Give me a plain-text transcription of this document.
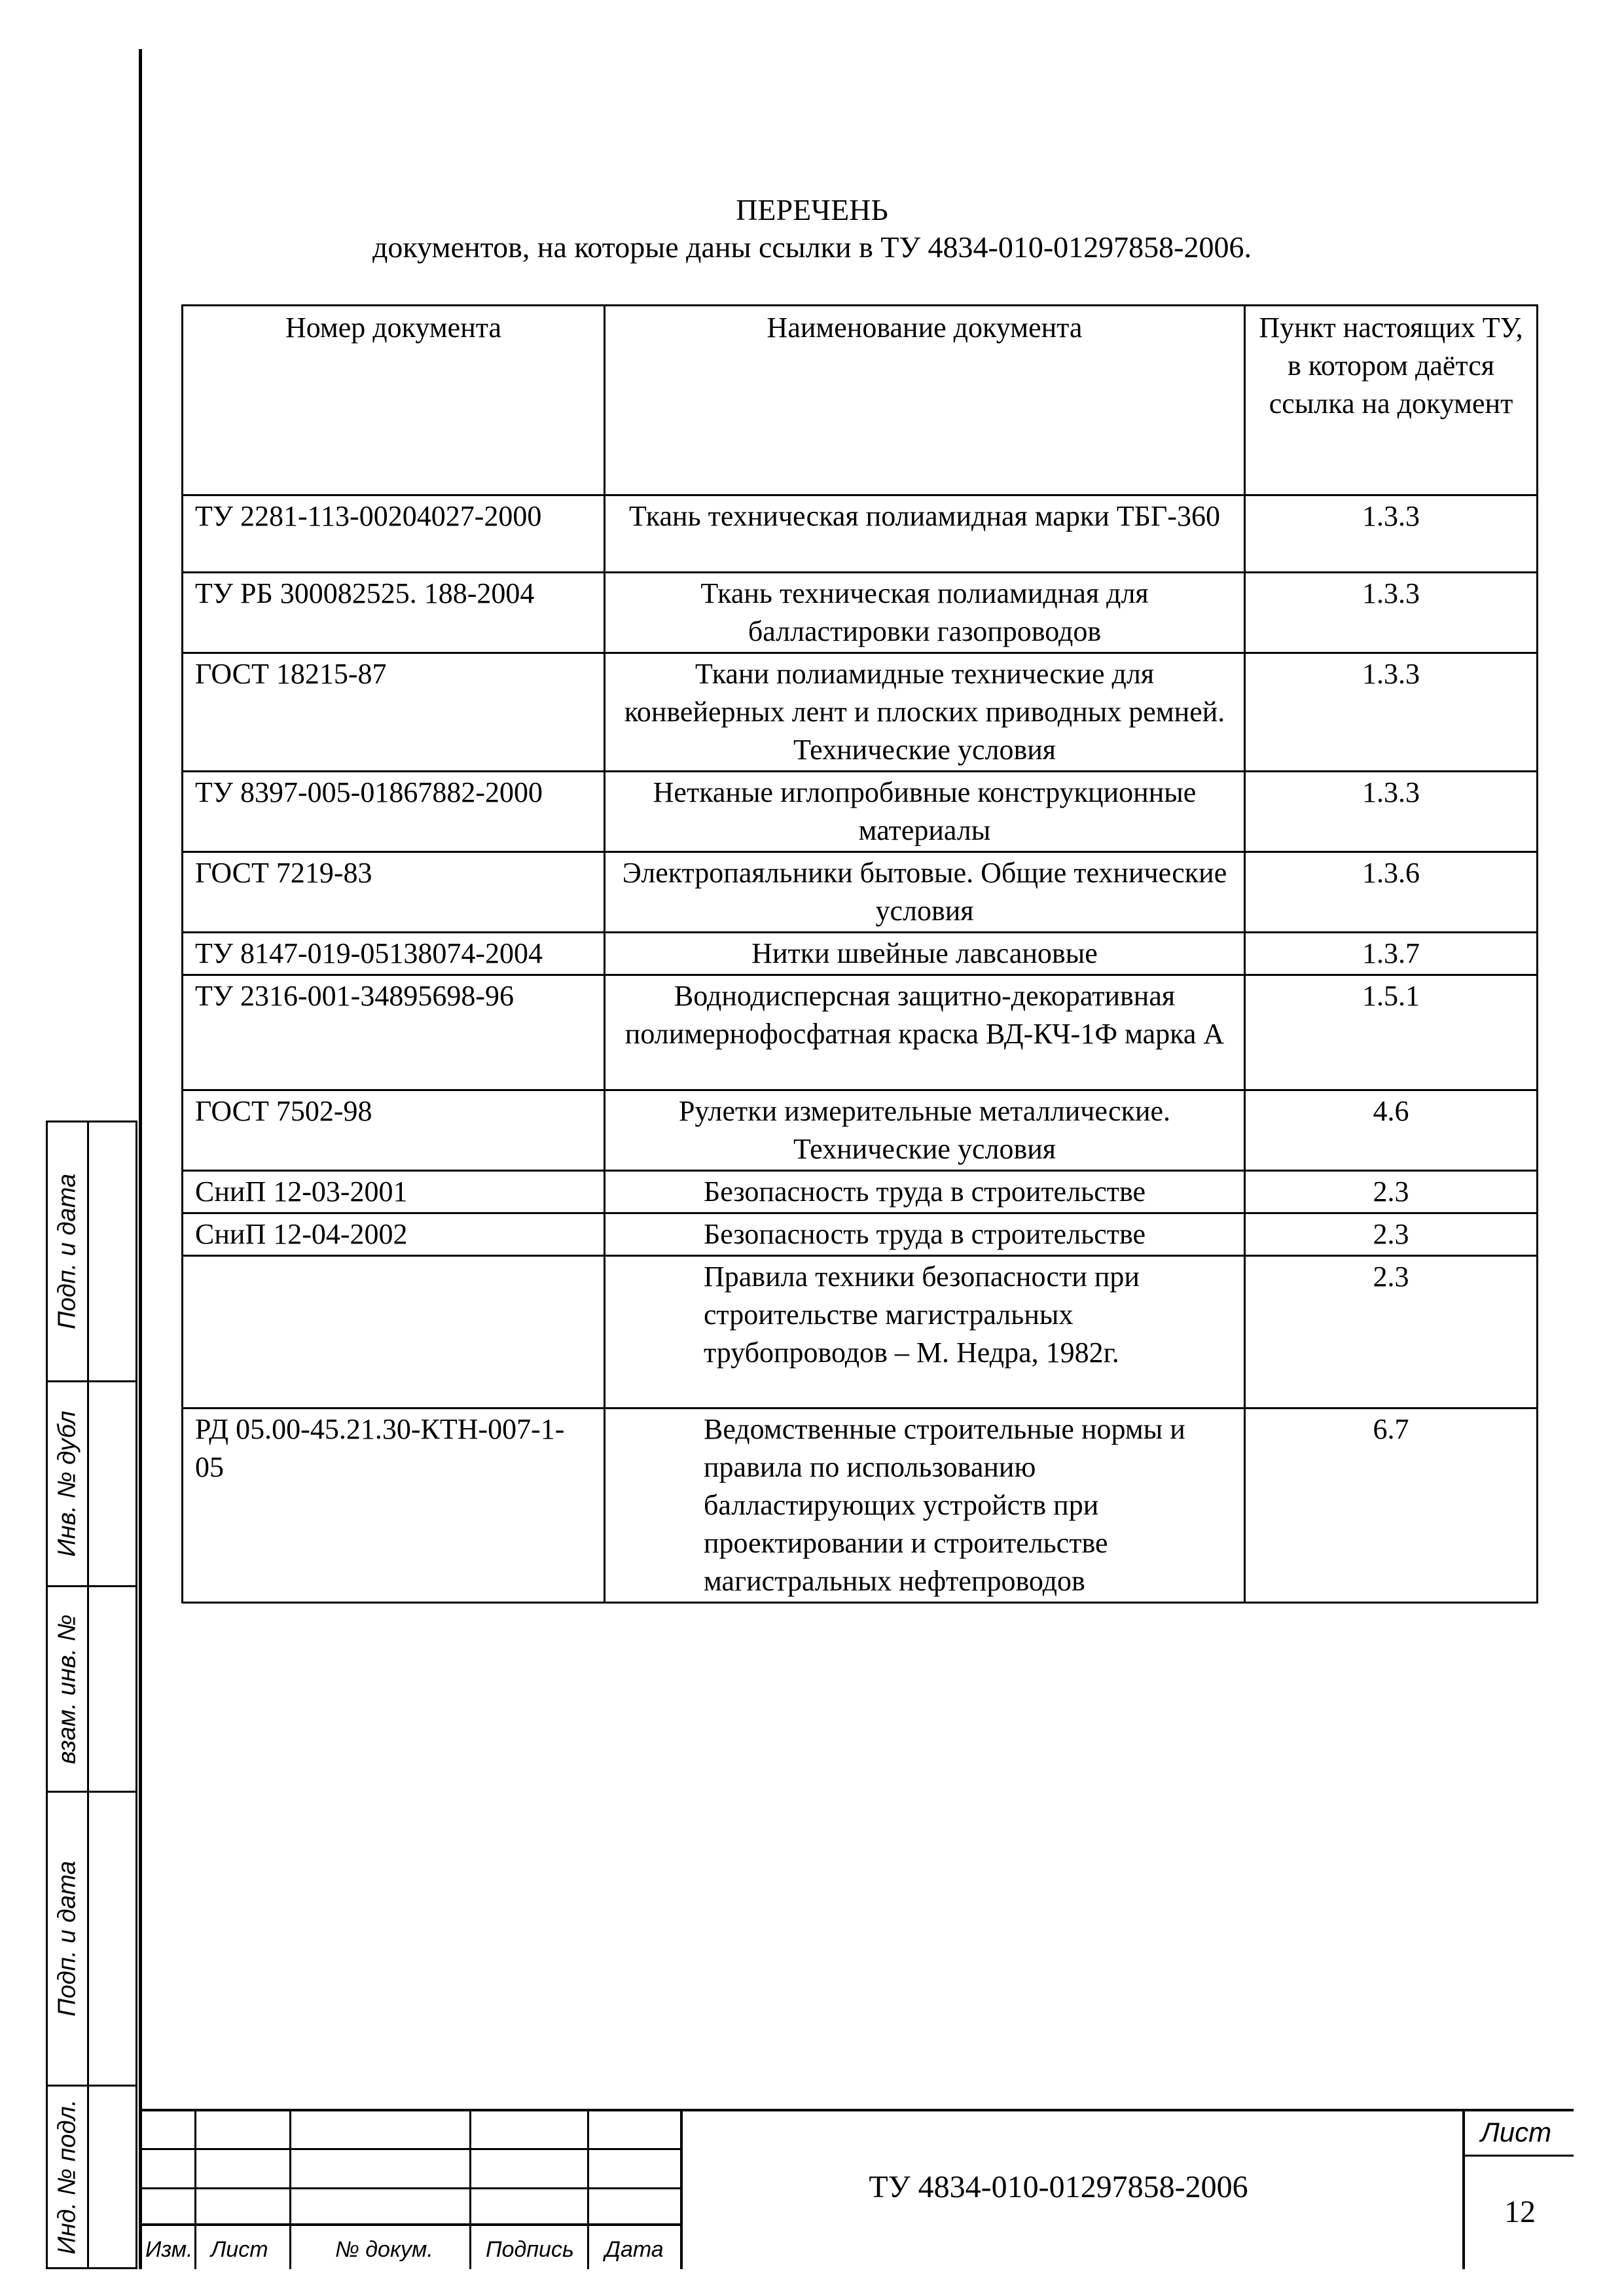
ПЕРЕЧЕНЬ
документов, на которые даны ссылки в ТУ 4834-010-01297858-2006.
Номер документа	Наименование документа	Пункт настоящих ТУ, в котором даётся ссылка на документ
ТУ 2281-113-00204027-2000	Ткань техническая полиамидная марки ТБГ-360	1.3.3
ТУ РБ 300082525. 188-2004	Ткань техническая полиамидная для балластировки газопроводов	1.3.3
ГОСТ 18215-87	Ткани полиамидные технические для конвейерных лент и плоских приводных ремней. Технические условия	1.3.3
ТУ 8397-005-01867882-2000	Нетканые иглопробивные конструкционные материалы	1.3.3
ГОСТ 7219-83	Электропаяльники бытовые. Общие технические условия	1.3.6
ТУ 8147-019-05138074-2004	Нитки швейные лавсановые	1.3.7
ТУ 2316-001-34895698-96	Воднодисперсная защитно-декоративная полимернофосфатная краска ВД-КЧ-1Ф марка А	1.5.1
ГОСТ 7502-98	Рулетки измерительные металлические. Технические условия	4.6
СниП 12-03-2001	Безопасность труда в строительстве	2.3
СниП 12-04-2002	Безопасность труда в строительстве	2.3
	Правила техники безопасности при строительстве магистральных трубопроводов – М. Недра, 1982г.	2.3
РД 05.00-45.21.30-КТН-007-1-05	Ведомственные строительные нормы и правила по использованию балластирующих устройств при проектировании и строительстве магистральных нефтепроводов	6.7
Подп. и дата
Инв. № дубл
взам. инв. №
Подп. и дата
Инд. № подл.	Изм. Лист	№ докум. Подпись Дата
ТУ 4834-010-01297858-2006
Лист
12
